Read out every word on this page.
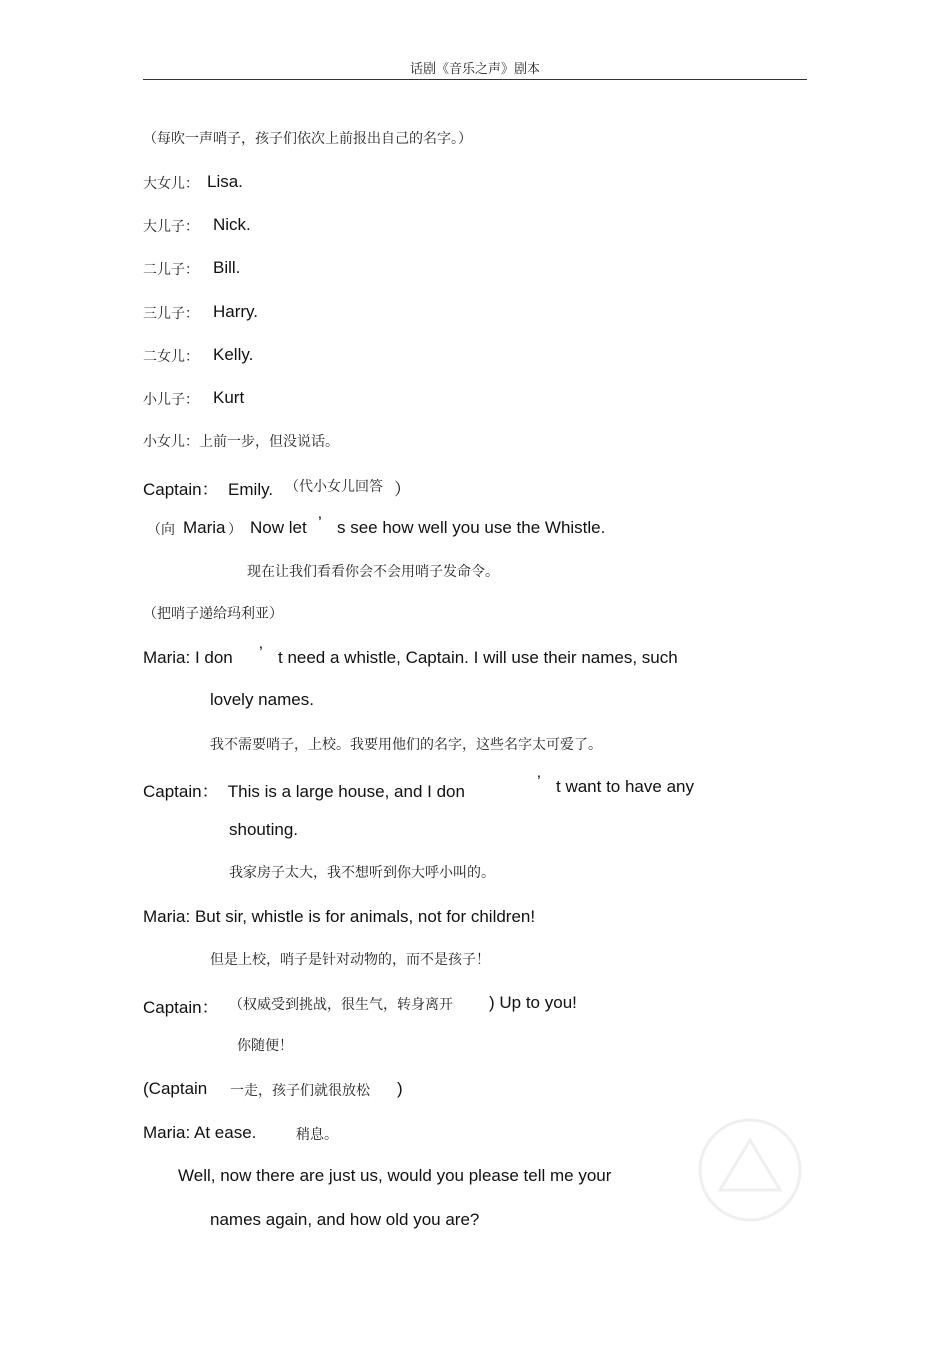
话剧《音乐之声》剧本
（每吹一声哨子，孩子们依次上前报出自己的名字。）
大女儿： Lisa.
大儿子： Nick.
二儿子： Bill.
三儿子： Harry.
二女儿： Kelly.
小儿子： Kurt
小女儿：上前一步，但没说话。
Captain：  Emily. （代小女儿回答 ）
（向 Maria ） Now let ’ s see how well you use the Whistle.
现在让我们看看你会不会用哨子发命令。
（把哨子递给玛利亚）
Maria: I don ’ t need a whistle, Captain. I will use their names, such
lovely names.
我不需要哨子，上校。我要用他们的名字，这些名字太可爱了。
Captain：  This is a large house, and I don
’ t want to have any
shouting.
我家房子太大，我不想听到你大呼小叫的。
Maria: But sir, whistle is for animals, not for children!
但是上校，哨子是针对动物的，而不是孩子！
Captain： （权威受到挑战，很生气，转身离开 ) Up to you!
你随便！
(Captain 一走，孩子们就很放松 )
Maria: At ease.	稍息。
Well, now there are just us, would you please tell me your
names again, and how old you are?
